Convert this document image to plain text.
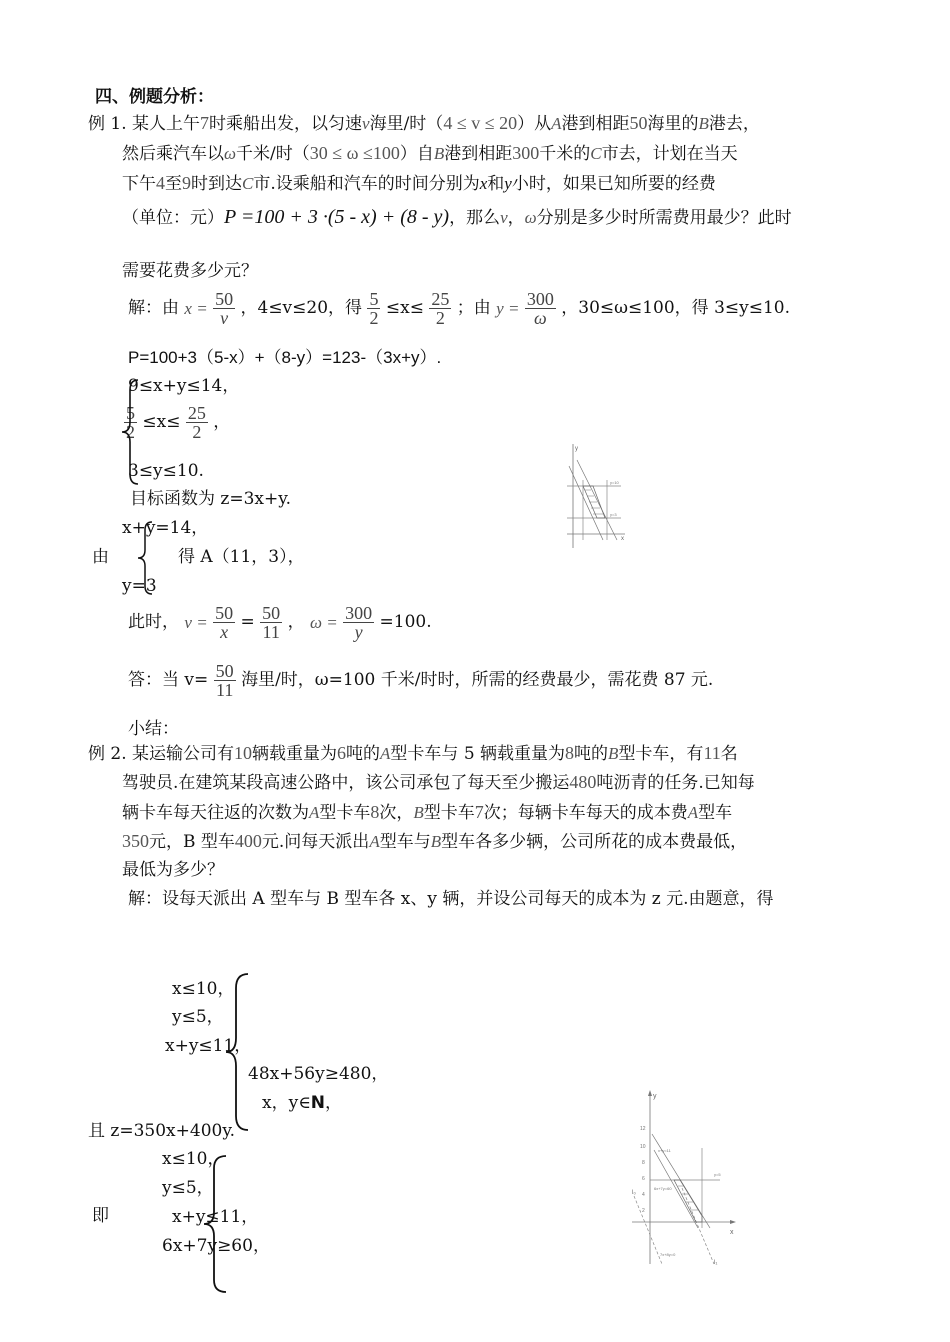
四、例题分析：
例 1. 某人上午7时乘船出发，以匀速v海里/时（4 ≤ v ≤ 20）从A港到相距50海里的B港去，
然后乘汽车以ω千米/时（30 ≤ ω ≤100）自B港到相距300千米的C市去，计划在当天
下午4至9时到达C市.设乘船和汽车的时间分别为x和y小时，如果已知所要的经费
（单位：元）P =100 + 3 ·(5 - x) + (8 - y)，那么v，ω分别是多少时所需费用最少？此时
需要花费多少元？
解：由 $x = \frac{50}{v}$ ，4≤v≤20，得 $\frac{5}{2} \le x\le \frac{25}{2}$ ；由 $y = \frac{300}{\omega}$ ，30≤ω≤100，得 3≤y≤10.
P=100+3（5-x）+（8-y）=123-（3x+y）.
9≤x+y≤14，
$\frac{5}{2} \le x\le \frac{25}{2}$ ，
3≤y≤10.
目标函数为 z=3x+y.
x+y=14，
由	得 A（11，3），
y=3
此时， $v = \frac{50}{x} = \frac{50}{11}$ ， $\omega = \frac{300}{y} =100$.
答：当 $v= \frac{50}{11}$ 海里/时，ω=100 千米/时时，所需的经费最少，需花费 87 元.
小结：
y
x
y=10
y=3
例 2. 某运输公司有10辆载重量为6吨的A型卡车与 5 辆载重量为8吨的B型卡车，有11名
驾驶员.在建筑某段高速公路中，该公司承包了每天至少搬运480吨沥青的任务.已知每
辆卡车每天往返的次数为A型卡车8次，B型卡车7次；每辆卡车每天的成本费A型车
350元，B 型车400元.问每天派出A型车与B型车各多少辆，公司所花的成本费最低，
最低为多少？
解：设每天派出 A 型车与 B 型车各 x、y 辆，并设公司每天的成本为 z 元.由题意，得
x≤10，
y≤5，
x+y≤11，
48x+56y≥480，
x，y∈N，
且 z=350x+400y.
x≤10，
y≤5，
即	x+y≤11，
6x+7y≥60，
y
x
12
10
8
6
4
2
x+y=11
y=5
6x+7y=60
l₀
l₁
7x+8y=0
